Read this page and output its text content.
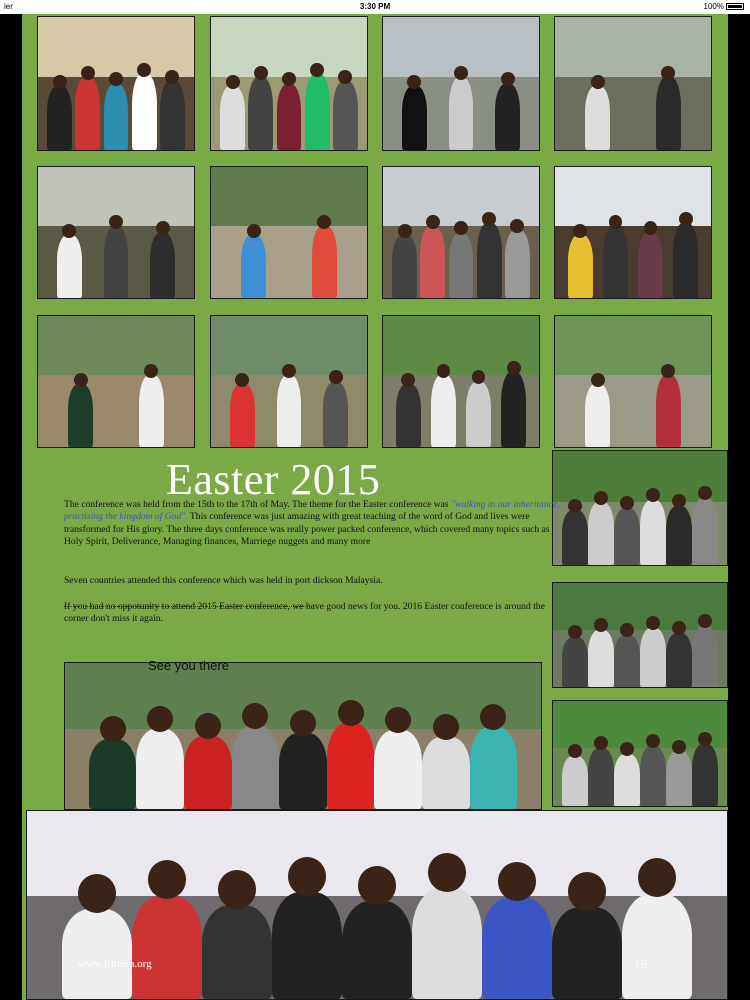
ier	3:30 PM	100%
Easter 2015
The conference was held from the 15th to the 17th of May. The theme for the Easter conference was "walking in our inheritance, practising the kingdom of God". This conference was just amazing with great teaching of the word of God and lives were transformed for His glory. The three days conference was really power packed conference, which covered many topics such as Holy Spirit, Deliverance, Managing finances, Marriege nuggets and many more
Seven countries attended this conference which was held in port dickson Malaysia.
If you had no oppotunity to attend 2015 Easter conference, we have good news for you. 2016 Easter conference is around the corner don't miss it again.
See you there
www.fifmim.org	15
